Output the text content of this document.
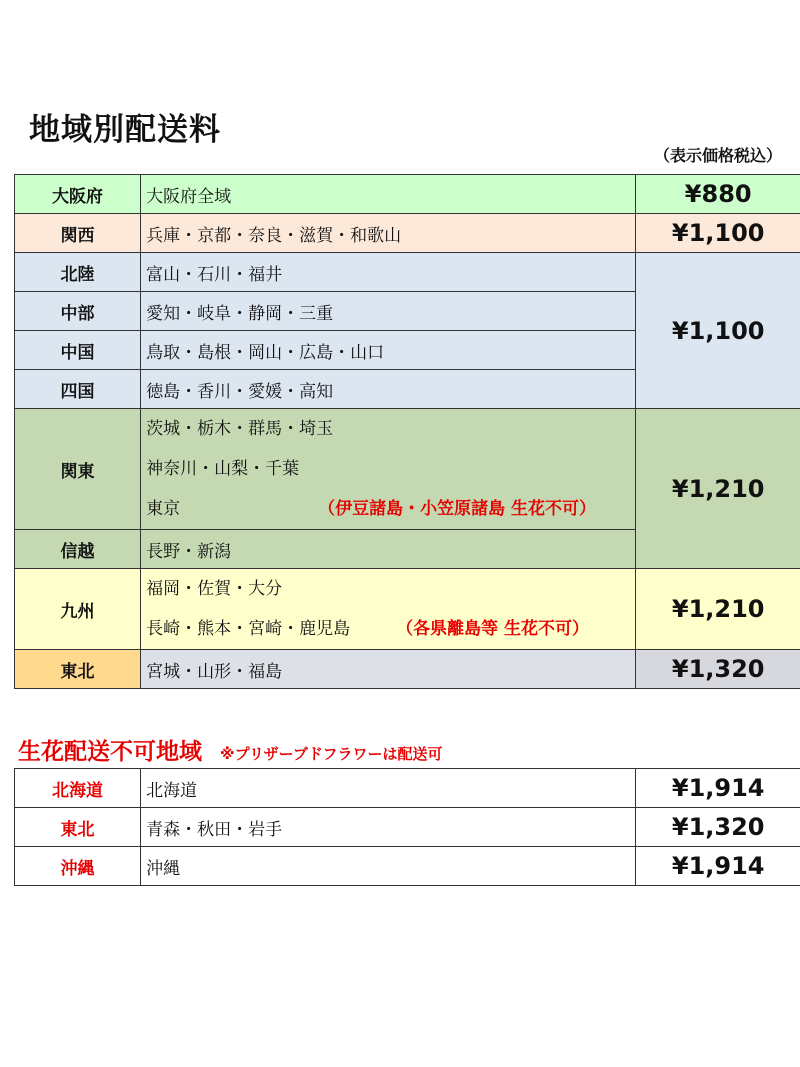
地域別配送料
（表示価格税込）
大阪府	大阪府全域	¥880
関西	兵庫・京都・奈良・滋賀・和歌山	¥1,100
北陸	富山・石川・福井	¥1,100
中部	愛知・岐阜・静岡・三重	
中国	鳥取・島根・岡山・広島・山口	
四国	徳島・香川・愛媛・高知	
関東	茨城・栃木・群馬・埼玉
神奈川・山梨・千葉
東京 （伊豆諸島・小笠原諸島 生花不可）	¥1,210
信越	長野・新潟	
九州	福岡・佐賀・大分
長崎・熊本・宮崎・鹿児島 （各県離島等 生花不可）	¥1,210
東北	宮城・山形・福島	¥1,320
生花配送不可地域 ※プリザーブドフラワーは配送可
北海道	北海道	¥1,914
東北	青森・秋田・岩手	¥1,320
沖縄	沖縄	¥1,914
